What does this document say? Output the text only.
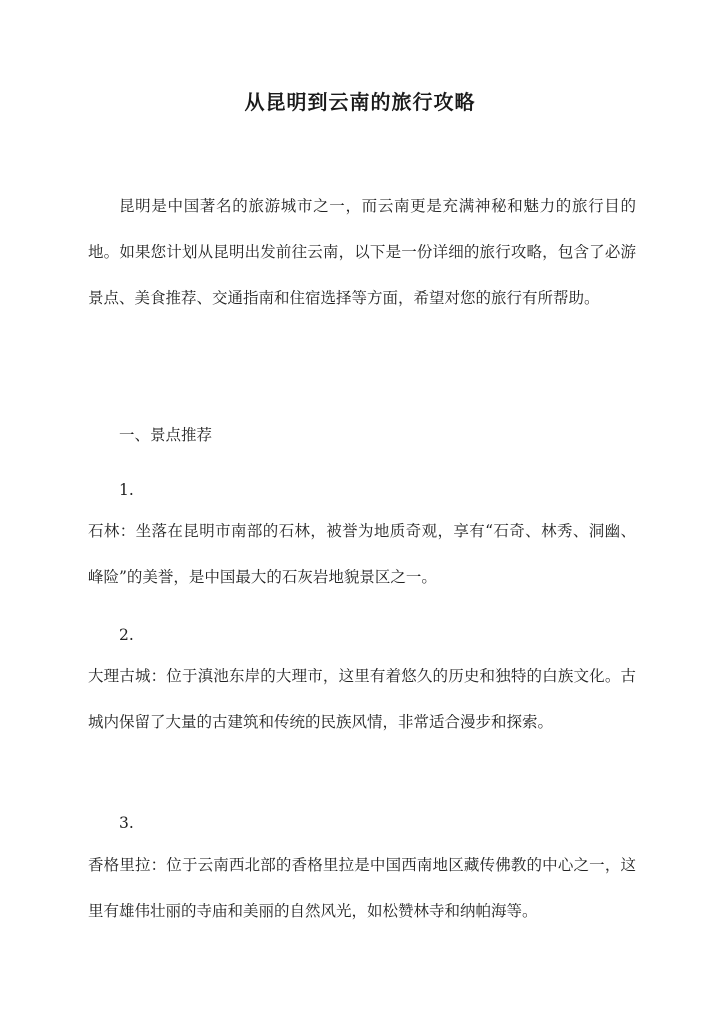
从昆明到云南的旅行攻略

昆明是中国著名的旅游城市之一，而云南更是充满神秘和魅力的旅行目的地。如果您计划从昆明出发前往云南，以下是一份详细的旅行攻略，包含了必游景点、美食推荐、交通指南和住宿选择等方面，希望对您的旅行有所帮助。

一、景点推荐

1.

石林：坐落在昆明市南部的石林，被誉为地质奇观，享有“石奇、林秀、洞幽、峰险”的美誉，是中国最大的石灰岩地貌景区之一。

2.

大理古城：位于滇池东岸的大理市，这里有着悠久的历史和独特的白族文化。古城内保留了大量的古建筑和传统的民族风情，非常适合漫步和探索。

3.

香格里拉：位于云南西北部的香格里拉是中国西南地区藏传佛教的中心之一，这里有雄伟壮丽的寺庙和美丽的自然风光，如松赞林寺和纳帕海等。
